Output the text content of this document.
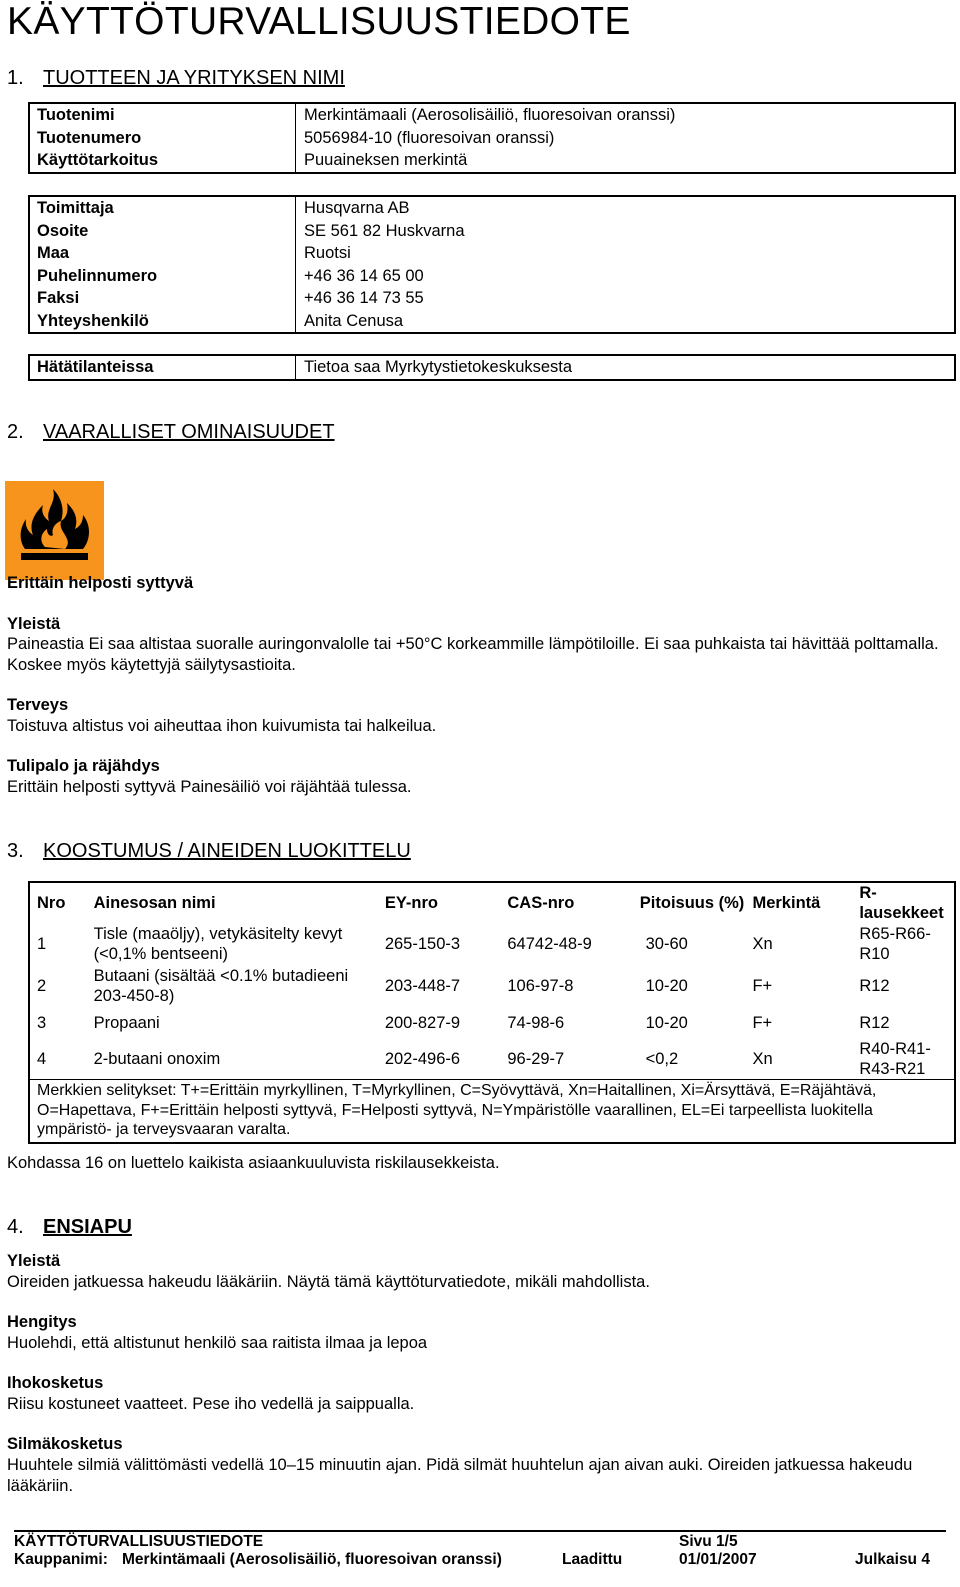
KÄYTTÖTURVALLISUUSTIEDOTE
1. TUOTTEEN JA YRITYKSEN NIMI
Tuotenimi	Merkintämaali (Aerosolisäiliö, fluoresoivan oranssi)
Tuotenumero	5056984-10 (fluoresoivan oranssi)
Käyttötarkoitus	Puuaineksen merkintä
Toimittaja	Husqvarna AB
Osoite	SE 561 82 Huskvarna
Maa	Ruotsi
Puhelinnumero	+46 36 14 65 00
Faksi	+46 36 14 73 55
Yhteyshenkilö	Anita Cenusa
Hätätilanteissa	Tietoa saa Myrkytystietokeskuksesta
2. VAARALLISET OMINAISUUDET
Erittäin helposti syttyvä
Yleistä
Paineastia Ei saa altistaa suoralle auringonvalolle tai +50°C korkeammille lämpötiloille. Ei saa puhkaista tai hävittää polttamalla. Koskee myös käytettyjä säilytysastioita.
Terveys
Toistuva altistus voi aiheuttaa ihon kuivumista tai halkeilua.
Tulipalo ja räjähdys
Erittäin helposti syttyvä Painesäiliö voi räjähtää tulessa.
3. KOOSTUMUS / AINEIDEN LUOKITTELU
Nro	Ainesosan nimi	EY-nro	CAS-nro	Pitoisuus (%)	Merkintä	R-lausekkeet
1	Tisle (maaöljy), vetykäsitelty kevyt (<0,1% bentseeni)	265-150-3	64742-48-9	30-60	Xn	R65-R66-R10
2	Butaani (sisältää <0.1% butadieeni 203-450-8)	203-448-7	106-97-8	10-20	F+	R12
3	Propaani	200-827-9	74-98-6	10-20	F+	R12
4	2-butaani onoxim	202-496-6	96-29-7	<0,2	Xn	R40-R41-R43-R21
Merkkien selitykset: T+=Erittäin myrkyllinen, T=Myrkyllinen, C=Syövyttävä, Xn=Haitallinen, Xi=Ärsyttävä, E=Räjähtävä, O=Hapettava, F+=Erittäin helposti syttyvä, F=Helposti syttyvä, N=Ympäristölle vaarallinen, EL=Ei tarpeellista luokitella ympäristö- ja terveysvaaran varalta.						
Kohdassa 16 on luettelo kaikista asiaankuuluvista riskilausekkeista.
4. ENSIAPU
Yleistä
Oireiden jatkuessa hakeudu lääkäriin. Näytä tämä käyttöturvatiedote, mikäli mahdollista.
Hengitys
Huolehdi, että altistunut henkilö saa raitista ilmaa ja lepoa
Ihokosketus
Riisu kostuneet vaatteet. Pese iho vedellä ja saippualla.
Silmäkosketus
Huuhtele silmiä välittömästi vedellä 10–15 minuutin ajan. Pidä silmät huuhtelun ajan aivan auki. Oireiden jatkuessa hakeudu lääkäriin.
KÄYTTÖTURVALLISUUSTIEDOTE	Sivu 1/5
Kauppanimi: Merkintämaali (Aerosolisäiliö, fluoresoivan oranssi)	Laadittu	01/01/2007	Julkaisu 4
